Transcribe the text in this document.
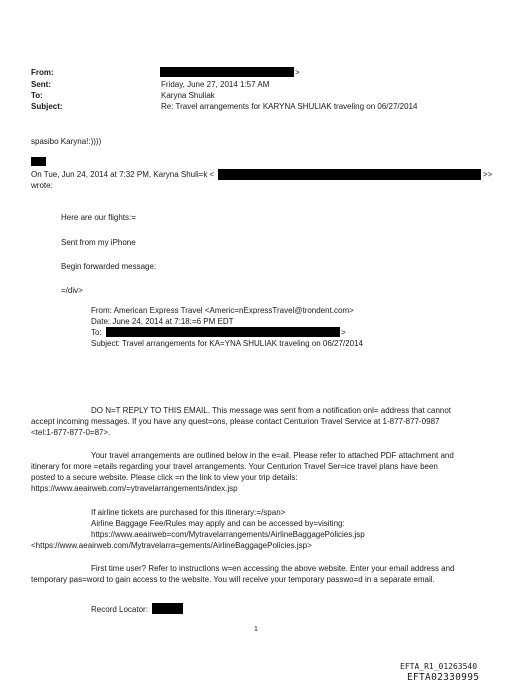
From:	>
Sent:	Friday, June 27, 2014 1:57 AM
To:	Karyna Shuliak
Subject:	Re: Travel arrangements for KARYNA SHULIAK traveling on 06/27/2014
spasibo Karyna!:))))
On Tue, Jun 24, 2014 at 7:32 PM, Karyna Shuli=k <	>>
wrote:
Here are our flights:=
Sent from my iPhone
Begin forwarded message:
=/div>
From: American Express Travel <Americ=nExpressTravel@trondent.com>
Date: June 24, 2014 at 7:18:=6 PM EDT
To:	>
Subject: Travel arrangements for KA=YNA SHULIAK traveling on 06/27/2014
DO N=T REPLY TO THIS EMAIL. This message was sent from a notification onl= address that cannot
accept incoming messages. If you have any quest=ons, please contact Centurion Travel Service at 1-877-877-0987
<tel:1-877-877-0=87>.
Your travel arrangements are outlined below in the e=ail. Please refer to attached PDF attachment and
itinerary for more =etails regarding your travel arrangements. Your Centurion Travel Ser=ice travel plans have been
posted to a secure website. Please click =n the link to view your trip details:
https://www.aeairweb.com/=ytravelarrangements/index.jsp
If airline tickets are purchased for this itinerary:=/span>
Airline Baggage Fee/Rules may apply and can be accessed by=visiting:
https://www.aeairweb=com/Mytravelarrangements/AirlineBaggagePolicies.jsp
<https://www.aeairweb.com/Mytravelarra=gements/AirlineBaggagePolicies.jsp>
First time user? Refer to instructions w=en accessing the above website. Enter your email address and
temporary pas=word to gain access to the website. You will receive your temporary passwo=d in a separate email.
Record Locator:
1
EFTA_R1_01263540
EFTA02330995
